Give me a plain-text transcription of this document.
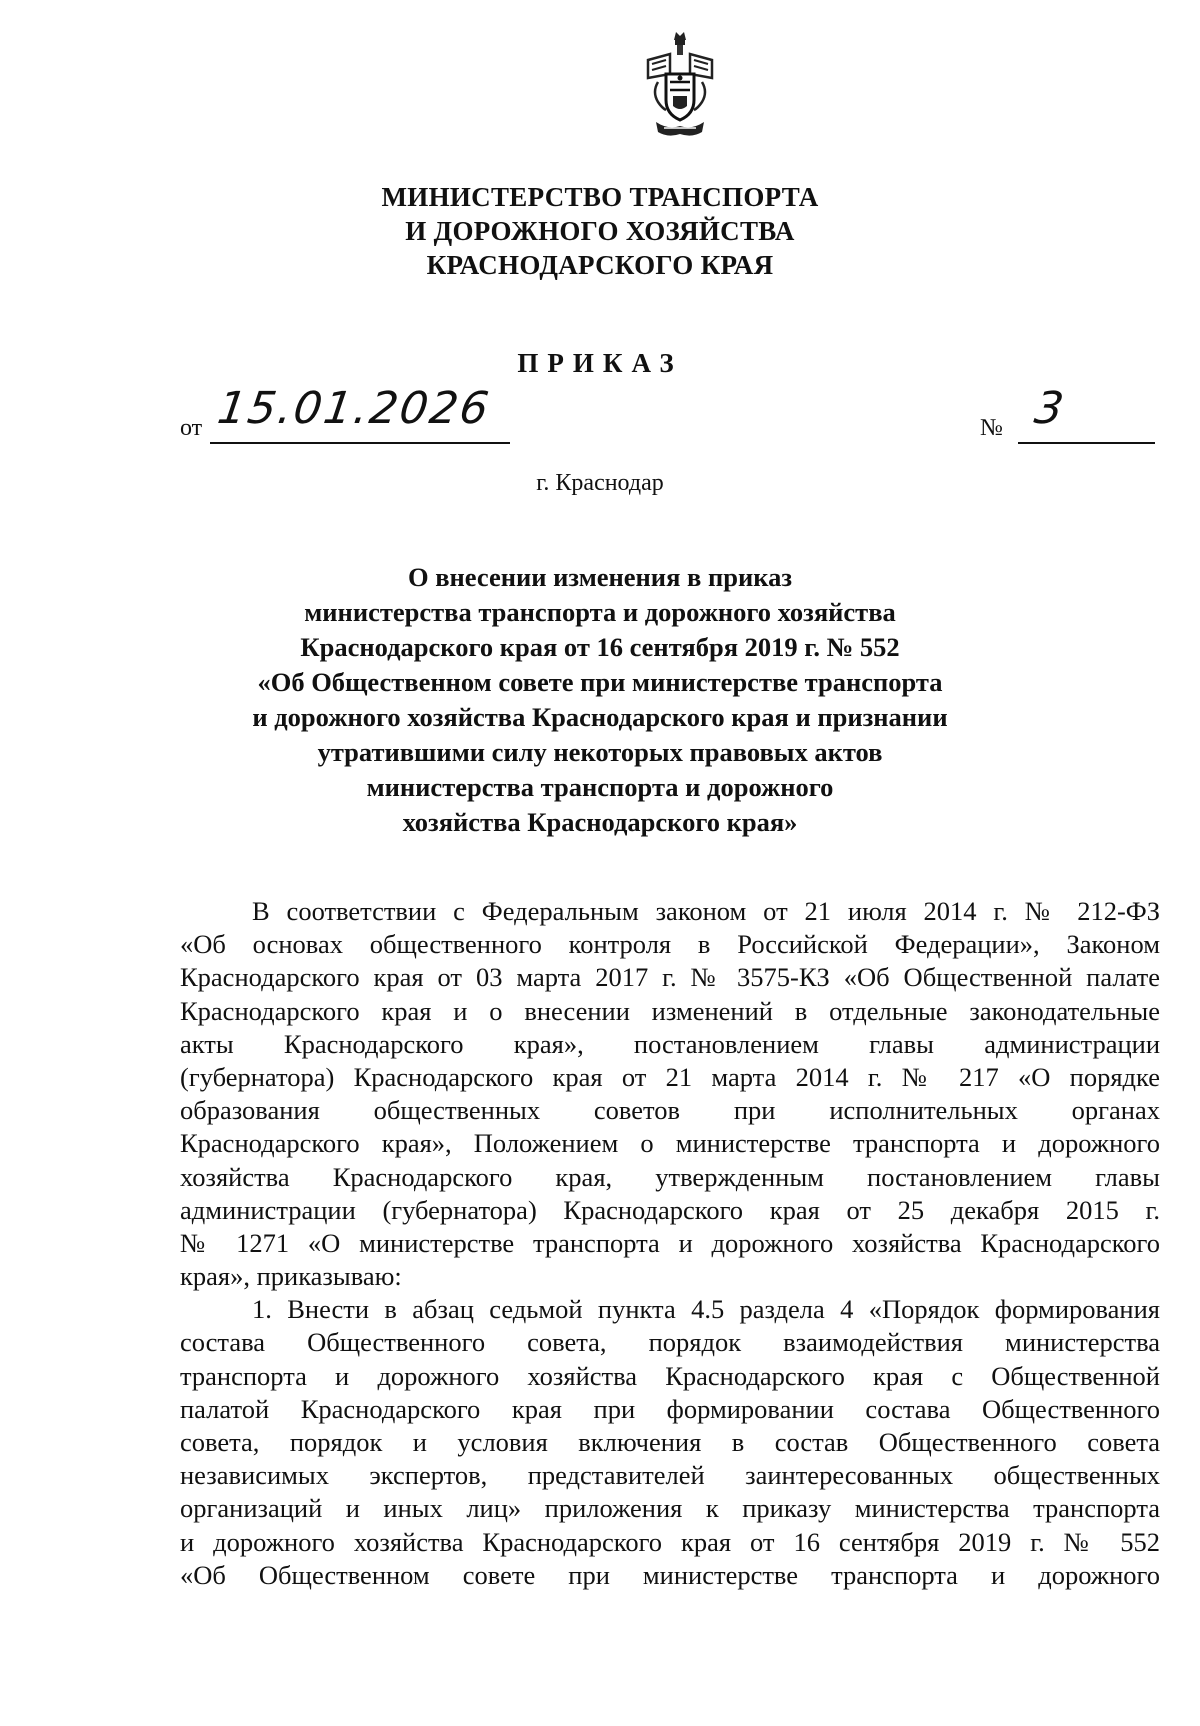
МИНИСТЕРСТВО ТРАНСПОРТА
И ДОРОЖНОГО ХОЗЯЙСТВА
КРАСНОДАРСКОГО КРАЯ
ПРИКАЗ
от 15.01.2026	№ 3
г. Краснодар
О внесении изменения в приказ
министерства транспорта и дорожного хозяйства
Краснодарского края от 16 сентября 2019 г. № 552
«Об Общественном совете при министерстве транспорта
и дорожного хозяйства Краснодарского края и признании
утратившими силу некоторых правовых актов
министерства транспорта и дорожного
хозяйства Краснодарского края»
В соответствии с Федеральным законом от 21 июля 2014 г. № 212-ФЗ
«Об основах общественного контроля в Российской Федерации», Законом
Краснодарского края от 03 марта 2017 г. № 3575-КЗ «Об Общественной палате
Краснодарского края и о внесении изменений в отдельные законодательные
акты Краснодарского края», постановлением главы администрации
(губернатора) Краснодарского края от 21 марта 2014 г. № 217 «О порядке
образования общественных советов при исполнительных органах
Краснодарского края», Положением о министерстве транспорта и дорожного
хозяйства Краснодарского края, утвержденным постановлением главы
администрации (губернатора) Краснодарского края от 25 декабря 2015 г.
№ 1271 «О министерстве транспорта и дорожного хозяйства Краснодарского
края», приказываю:
1. Внести в абзац седьмой пункта 4.5 раздела 4 «Порядок формирования
состава Общественного совета, порядок взаимодействия министерства
транспорта и дорожного хозяйства Краснодарского края с Общественной
палатой Краснодарского края при формировании состава Общественного
совета, порядок и условия включения в состав Общественного совета
независимых экспертов, представителей заинтересованных общественных
организаций и иных лиц» приложения к приказу министерства транспорта
и дорожного хозяйства Краснодарского края от 16 сентября 2019 г. № 552
«Об Общественном совете при министерстве транспорта и дорожного
